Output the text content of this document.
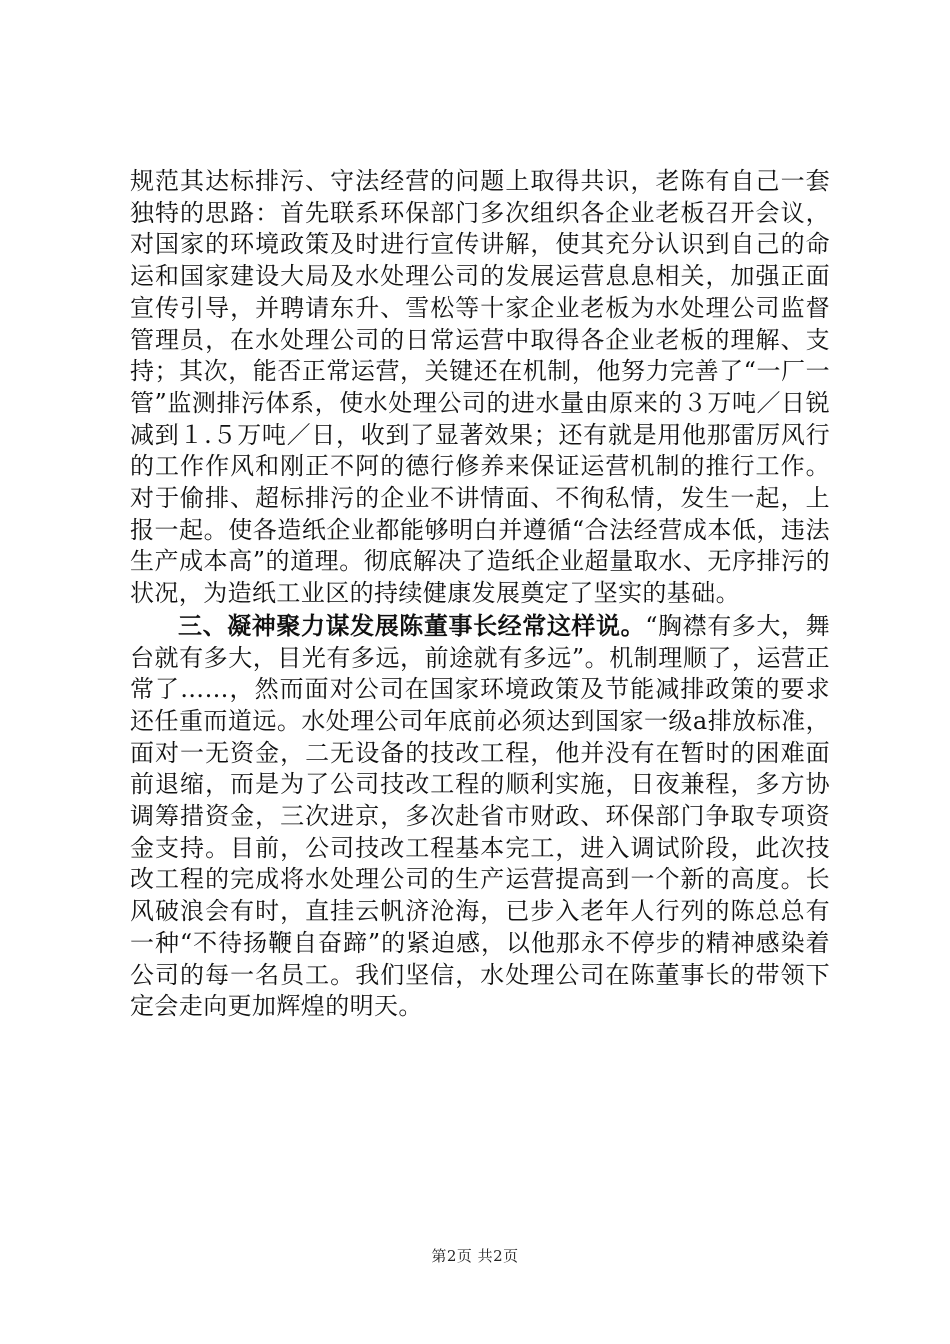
规范其达标排污、守法经营的问题上取得共识，老陈有自己一套独特的思路：首先联系环保部门多次组织各企业老板召开会议，对国家的环境政策及时进行宣传讲解，使其充分认识到自己的命运和国家建设大局及水处理公司的发展运营息息相关，加强正面宣传引导，并聘请东升、雪松等十家企业老板为水处理公司监督管理员，在水处理公司的日常运营中取得各企业老板的理解、支持；其次，能否正常运营，关键还在机制，他努力完善了“一厂一管”监测排污体系，使水处理公司的进水量由原来的３万吨／日锐减到１.５万吨／日，收到了显著效果；还有就是用他那雷厉风行的工作作风和刚正不阿的德行修养来保证运营机制的推行工作。对于偷排、超标排污的企业不讲情面、不徇私情，发生一起，上报一起。使各造纸企业都能够明白并遵循“合法经营成本低，违法生产成本高”的道理。彻底解决了造纸企业超量取水、无序排污的状况，为造纸工业区的持续健康发展奠定了坚实的基础。

三、凝神聚力谋发展陈董事长经常这样说。“胸襟有多大，舞台就有多大，目光有多远，前途就有多远”。机制理顺了，运营正常了……，然而面对公司在国家环境政策及节能减排政策的要求还任重而道远。水处理公司年底前必须达到国家一级a排放标准，面对一无资金，二无设备的技改工程，他并没有在暂时的困难面前退缩，而是为了公司技改工程的顺利实施，日夜兼程，多方协调筹措资金，三次进京，多次赴省市财政、环保部门争取专项资金支持。目前，公司技改工程基本完工，进入调试阶段，此次技改工程的完成将水处理公司的生产运营提高到一个新的高度。长风破浪会有时，直挂云帆济沧海，已步入老年人行列的陈总总有一种“不待扬鞭自奋蹄”的紧迫感，以他那永不停步的精神感染着公司的每一名员工。我们坚信，水处理公司在陈董事长的带领下定会走向更加辉煌的明天。

第2页 共2页
